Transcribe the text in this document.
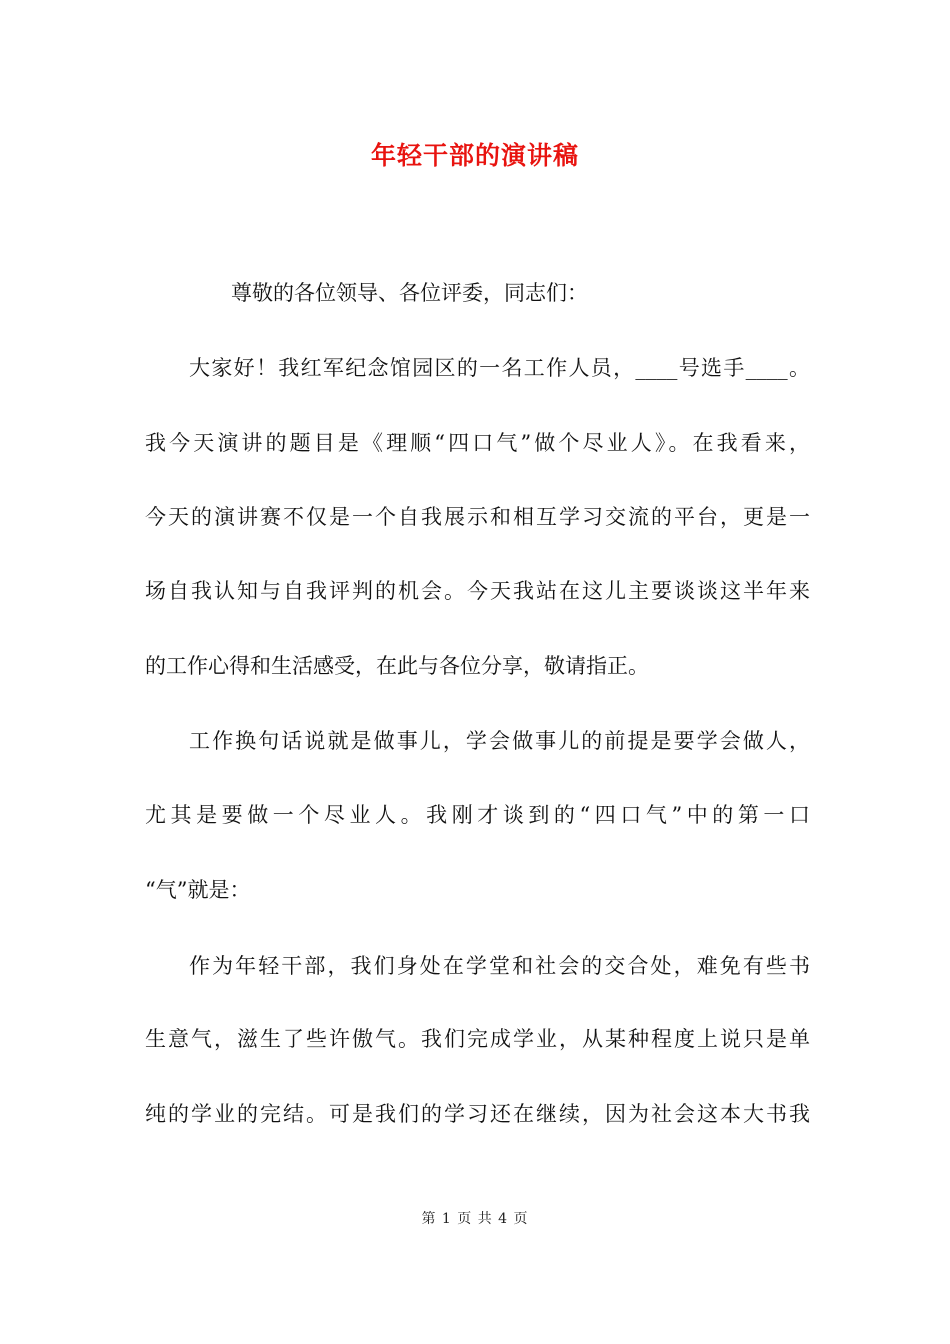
年轻干部的演讲稿
尊敬的各位领导、各位评委，同志们：
大家好！我红军纪念馆园区的一名工作人员，____号选手____。
我今天演讲的题目是《理顺“四口气”做个尽业人》。在我看来，
今天的演讲赛不仅是一个自我展示和相互学习交流的平台，更是一
场自我认知与自我评判的机会。今天我站在这儿主要谈谈这半年来
的工作心得和生活感受，在此与各位分享，敬请指正。
工作换句话说就是做事儿，学会做事儿的前提是要学会做人，
尤其是要做一个尽业人。我刚才谈到的“四口气”中的第一口
“气”就是：
作为年轻干部，我们身处在学堂和社会的交合处，难免有些书
生意气，滋生了些许傲气。我们完成学业，从某种程度上说只是单
纯的学业的完结。可是我们的学习还在继续，因为社会这本大书我
第 1 页 共 4 页
